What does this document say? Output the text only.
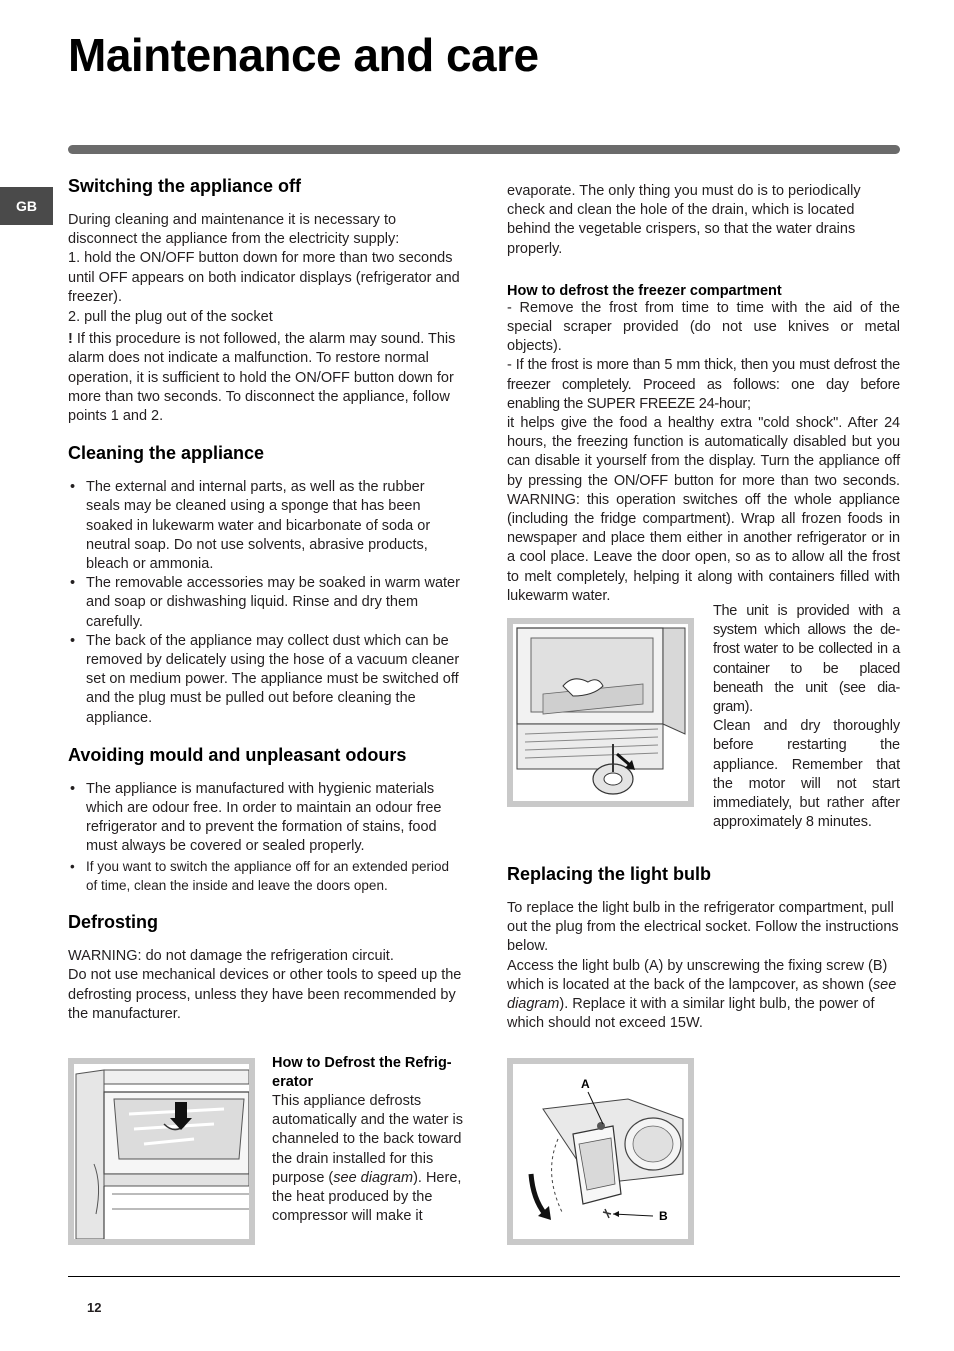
Maintenance and care
GB
Switching the appliance off

During cleaning and maintenance it is necessary to disconnect the appliance from the electricity supply:

1. hold the ON/OFF button down for more than two seconds until OFF appears on both indicator displays (refrigerator and freezer).

2. pull the plug out of the socket

! If this procedure is not followed, the alarm may sound. This alarm does not indicate a malfunction. To restore normal operation, it is sufficient to hold the ON/OFF button down for more than two seconds. To disconnect the appliance, follow points 1 and 2.

Cleaning the appliance
• The external and internal parts, as well as the rubber seals may be cleaned using a sponge that has been soaked in lukewarm water and bicarbonate of soda or neutral soap. Do not use solvents, abrasive products, bleach or ammonia.
• The removable accessories may be soaked in warm water and soap or dishwashing liquid. Rinse and dry them carefully.
• The back of the appliance may collect dust which can be removed by delicately using the hose of a vacuum cleaner set on medium power. The appliance must be switched off and the plug must be pulled out before cleaning the appliance.
Avoiding mould and unpleasant odours
• The appliance is manufactured with hygienic materials which are odour free. In order to maintain an odour free refrigerator and to prevent the formation of stains, food must always be covered or sealed properly.
• If you want to switch the appliance off for an extended period of time, clean the inside and leave the doors open.
Defrosting

WARNING: do not damage the refrigeration circuit.

Do not use mechanical devices or other tools to speed up the defrosting process, unless they have been recommended by the manufacturer.

How to Defrost the Refrig-erator

This appliance defrosts automatically and the water is channeled to the back toward the drain installed for this purpose (see diagram). Here, the heat produced by the compressor will make it

evaporate. The only thing you must do is to periodically check and clean the hole of the drain, which is located behind the vegetable crispers, so that the water drains properly.

How to defrost the freezer compartment

- Remove the frost from time to time with the aid of the special scraper provided (do not use knives or metal objects).

- If the frost is more than 5 mm thick, then you must defrost the freezer completely. Proceed as follows: one day before enabling the SUPER FREEZE 24-hour;

it helps give the food a healthy extra "cold shock". After 24 hours, the freezing function is automatically disabled but you can disable it yourself from the display. Turn the appliance off by pressing the ON/OFF button for more than two seconds. WARNING: this operation switches off the whole appliance (including the fridge compartment). Wrap all frozen foods in newspaper and place them either in another refrigerator or in a cool place. Leave the door open, so as to allow all the frost to melt completely, helping it along with containers filled with lukewarm water.

The unit is provided with a system which allows the de-frost water to be collected in a container to be placed beneath the unit (see dia-gram).

Clean and dry thoroughly before restarting the appliance. Remember that the motor will not start immediately, but rather after approximately 8 minutes.

Replacing the light bulb

To replace the light bulb in the refrigerator compartment, pull out the plug from the electrical socket. Follow the instructions below.

Access the light bulb (A) by unscrewing the fixing screw (B) which is located at the back of the lampcover, as shown (see diagram). Replace it with a similar light bulb, the power of which should not exceed 15W.

A
B
12
